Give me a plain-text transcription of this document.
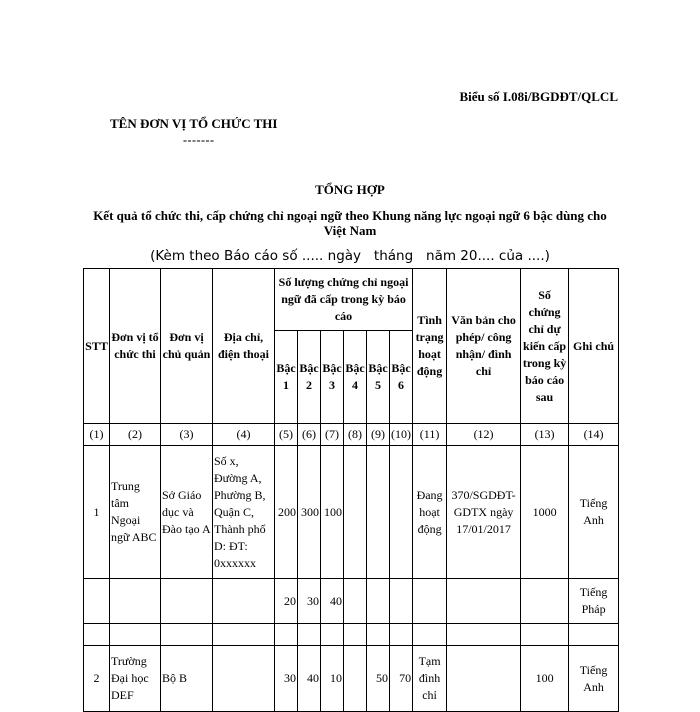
Biểu số I.08i/BGDĐT/QLCL
TÊN ĐƠN VỊ TỔ CHỨC THI
-------
TỔNG HỢP
Kết quả tổ chức thi, cấp chứng chỉ ngoại ngữ theo Khung năng lực ngoại ngữ 6 bậc dùng cho Việt Nam
(Kèm theo Báo cáo số ..... ngày   tháng   năm 20.... của ....)
STT	Đơn vị tổ chức thi	Đơn vị chủ quản	Địa chỉ, điện thoại	Số lượng chứng chỉ ngoại ngữ đã cấp trong kỳ báo cáo						Tình trạng hoạt động	Văn bản cho phép/ công nhận/ đình chỉ	Số chứng chỉ dự kiến cấp trong kỳ báo cáo sau	Ghi chú
				Bậc 1	Bậc 2	Bậc 3	Bậc 4	Bậc 5	Bậc 6				
(1)	(2)	(3)	(4)	(5)	(6)	(7)	(8)	(9)	(10)	(11)	(12)	(13)	(14)
1	Trung tâm Ngoại ngữ ABC	Sở Giáo dục và Đào tạo A	Số x, Đường A, Phường B, Quận C, Thành phố D: ĐT: 0xxxxxx	200	300	100				Đang hoạt động	370/SGDĐT-GDTX ngày 17/01/2017	1000	Tiếng Anh
				20	30	40							Tiếng Pháp

2	Trường Đại học DEF	Bộ B		30	40	10		50	70	Tạm đình chỉ		100	Tiếng Anh
